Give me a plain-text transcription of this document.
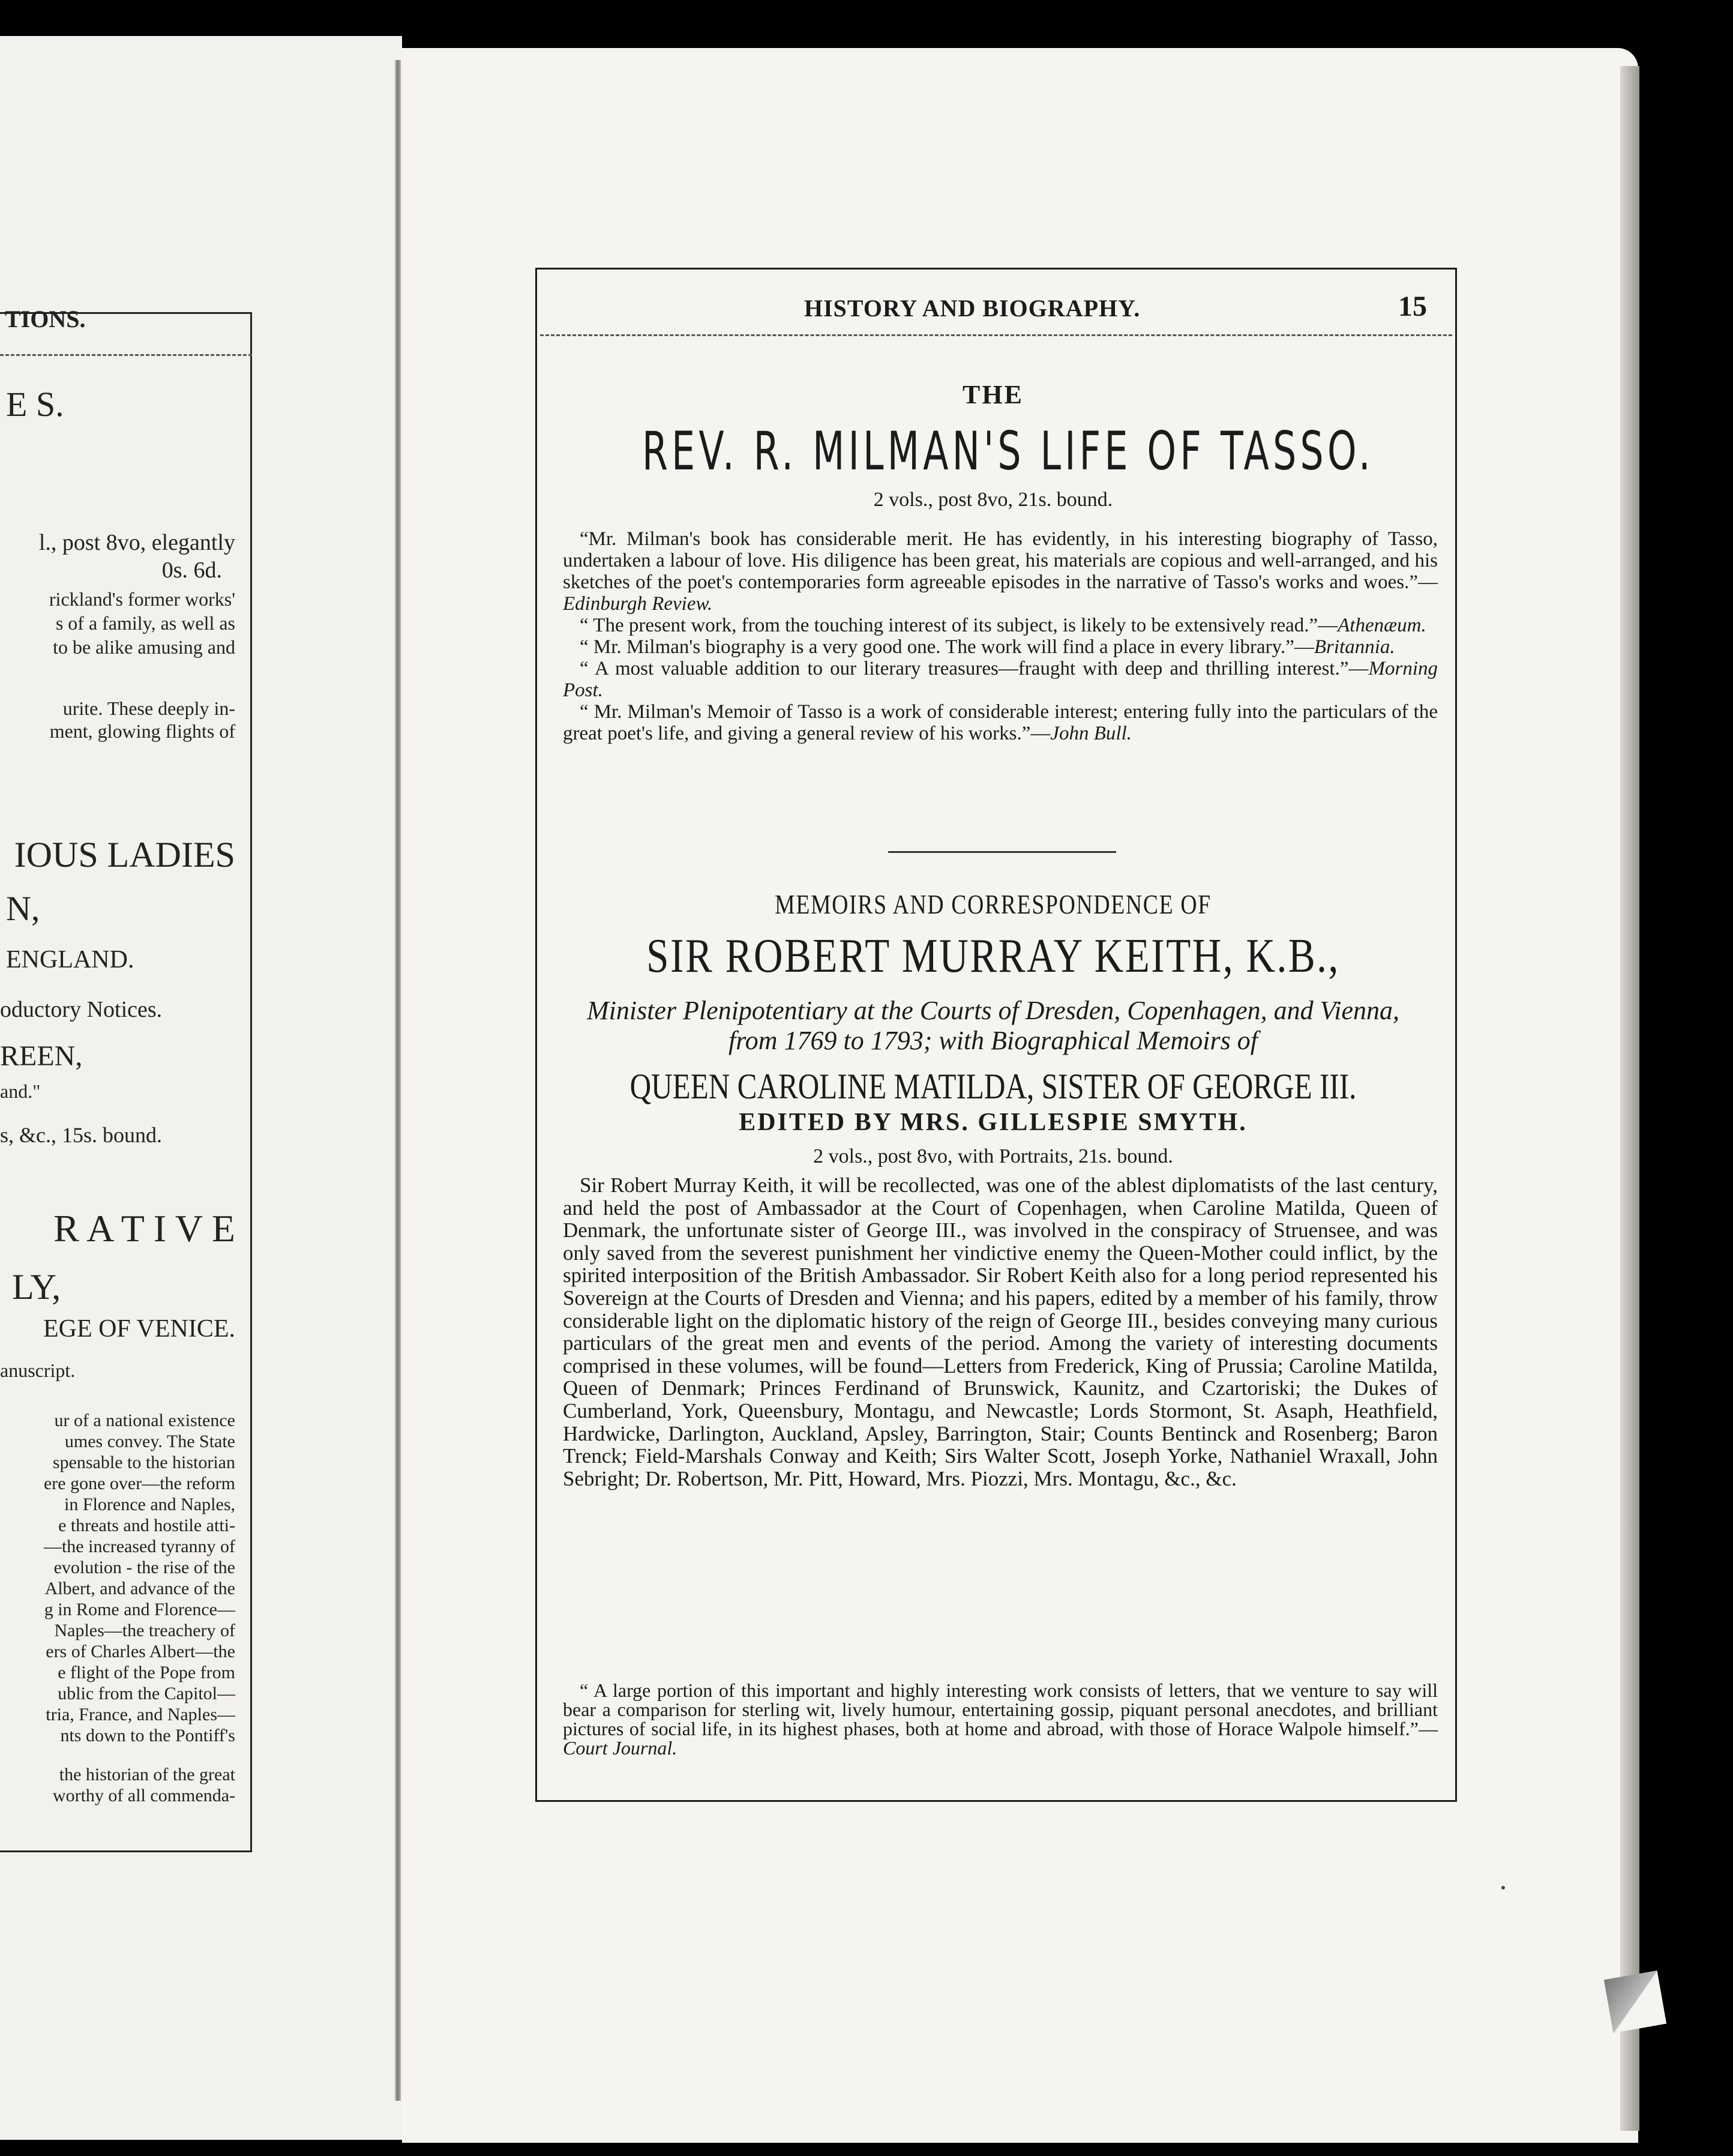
TIONS.
E S.
l., post 8vo, elegantly
0s. 6d.
rickland's former works'
s of a family, as well as
to be alike amusing and
urite. These deeply in-
ment, glowing flights of
IOUS LADIES
N,
ENGLAND.
oductory Notices.
REEN,
and."
s, &c., 15s. bound.
R A T I V E
LY,
EGE OF VENICE.
anuscript.
ur of a national existence
umes convey. The State
spensable to the historian
ere gone over—the reform
in Florence and Naples,
e threats and hostile atti-
—the increased tyranny of
evolution - the rise of the
Albert, and advance of the
g in Rome and Florence—
Naples—the treachery of
ers of Charles Albert—the
e flight of the Pope from
ublic from the Capitol—
tria, France, and Naples—
nts down to the Pontiff's
the historian of the great
worthy of all commenda-
HISTORY AND BIOGRAPHY.	15
THE
REV. R. MILMAN'S LIFE OF TASSO.
2 vols., post 8vo, 21s. bound.

“Mr. Milman's book has considerable merit. He has evidently, in his interesting biography of Tasso, undertaken a labour of love. His diligence has been great, his materials are copious and well-arranged, and his sketches of the poet's contemporaries form agreeable episodes in the narrative of Tasso's works and woes.”—Edinburgh Review.

“ The present work, from the touching interest of its subject, is likely to be extensively read.”—Athenæum.

“ Mr. Milman's biography is a very good one. The work will find a place in every library.”—Britannia.

“ A most valuable addition to our literary treasures—fraught with deep and thrilling interest.”—Morning Post.

“ Mr. Milman's Memoir of Tasso is a work of considerable interest; entering fully into the particulars of the great poet's life, and giving a general review of his works.”—John Bull.

MEMOIRS AND CORRESPONDENCE OF
SIR ROBERT MURRAY KEITH, K.B.,
Minister Plenipotentiary at the Courts of Dresden, Copenhagen, and Vienna,
from 1769 to 1793; with Biographical Memoirs of
QUEEN CAROLINE MATILDA, SISTER OF GEORGE III.
EDITED BY MRS. GILLESPIE SMYTH.
2 vols., post 8vo, with Portraits, 21s. bound.

Sir Robert Murray Keith, it will be recollected, was one of the ablest diplomatists of the last century, and held the post of Ambassador at the Court of Copenhagen, when Caroline Matilda, Queen of Denmark, the unfortunate sister of George III., was involved in the conspiracy of Struensee, and was only saved from the severest punishment her vindictive enemy the Queen-Mother could inflict, by the spirited interposition of the British Ambassador. Sir Robert Keith also for a long period represented his Sovereign at the Courts of Dresden and Vienna; and his papers, edited by a member of his family, throw considerable light on the diplomatic history of the reign of George III., besides conveying many curious particulars of the great men and events of the period. Among the variety of interesting documents comprised in these volumes, will be found—Letters from Frederick, King of Prussia; Caroline Matilda, Queen of Denmark; Princes Ferdinand of Brunswick, Kaunitz, and Czartoriski; the Dukes of Cumberland, York, Queensbury, Montagu, and Newcastle; Lords Stormont, St. Asaph, Heathfield, Hardwicke, Darlington, Auckland, Apsley, Barrington, Stair; Counts Bentinck and Rosenberg; Baron Trenck; Field-Marshals Conway and Keith; Sirs Walter Scott, Joseph Yorke, Nathaniel Wraxall, John Sebright; Dr. Robertson, Mr. Pitt, Howard, Mrs. Piozzi, Mrs. Montagu, &c., &c.

“ A large portion of this important and highly interesting work consists of letters, that we venture to say will bear a comparison for sterling wit, lively humour, entertaining gossip, piquant personal anecdotes, and brilliant pictures of social life, in its highest phases, both at home and abroad, with those of Horace Walpole himself.”—Court Journal.
